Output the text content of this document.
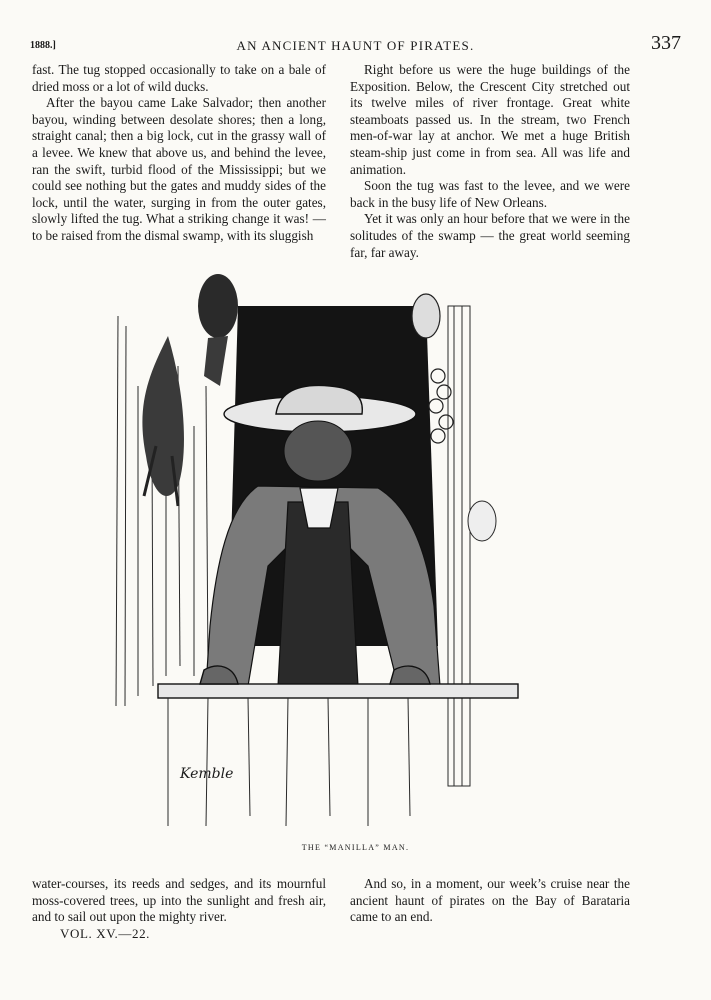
1888.]	AN ANCIENT HAUNT OF PIRATES.	337

fast. The tug stopped occasionally to take on a bale of dried moss or a lot of wild ducks.

After the bayou came Lake Salvador; then another bayou, winding between desolate shores; then a long, straight canal; then a big lock, cut in the grassy wall of a levee. We knew that above us, and behind the levee, ran the swift, turbid flood of the Mississippi; but we could see nothing but the gates and muddy sides of the lock, until the water, surging in from the outer gates, slowly lifted the tug. What a striking change it was! — to be raised from the dismal swamp, with its sluggish

Right before us were the huge buildings of the Exposition. Below, the Crescent City stretched out its twelve miles of river frontage. Great white steamboats passed us. In the stream, two French men-of-war lay at anchor. We met a huge British steam-ship just come in from sea. All was life and animation.

Soon the tug was fast to the levee, and we were back in the busy life of New Orleans.

Yet it was only an hour before that we were in the solitudes of the swamp — the great world seeming far, far away.

Kemble
THE “MANILLA” MAN.

water-courses, its reeds and sedges, and its mournful moss-covered trees, up into the sunlight and fresh air, and to sail out upon the mighty river.

And so, in a moment, our week’s cruise near the ancient haunt of pirates on the Bay of Barataria came to an end.

VOL. XV.—22.
